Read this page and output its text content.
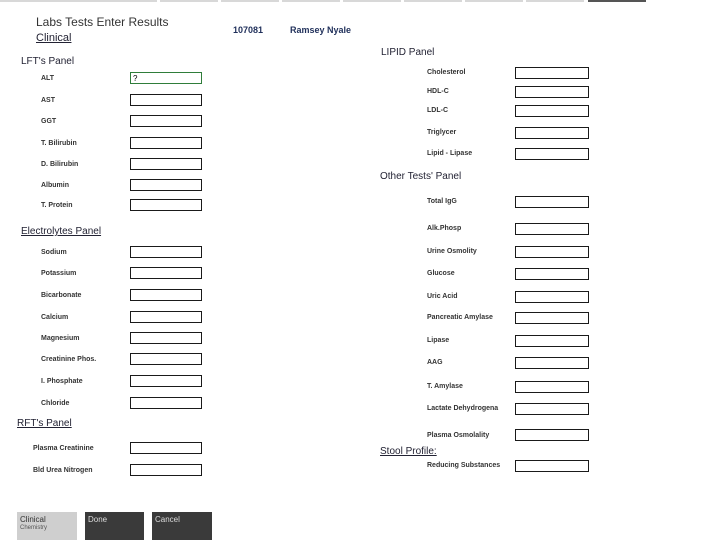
Labs Tests Enter Results
Clinical
107081	Ramsey Nyale
LFT's Panel
ALT
?
AST
GGT
T. Bilirubin
D. Bilirubin
Albumin
T. Protein
Electrolytes Panel
Sodium
Potassium
Bicarbonate
Calcium
Magnesium
Creatinine Phos.
I. Phosphate
Chloride
RFT's Panel
Plasma Creatinine
Bld Urea Nitrogen
LIPID Panel
Cholesterol
HDL-C
LDL-C
Triglycer
Lipid - Lipase
Other Tests' Panel
Total IgG
Alk.Phosp
Urine Osmolity
Glucose
Uric Acid
Pancreatic Amylase
Lipase
AAG
T. Amylase
Lactate Dehydrogena
Plasma Osmolality
Stool Profile:
Reducing Substances
Clinical
Chemistry
Done	Cancel
